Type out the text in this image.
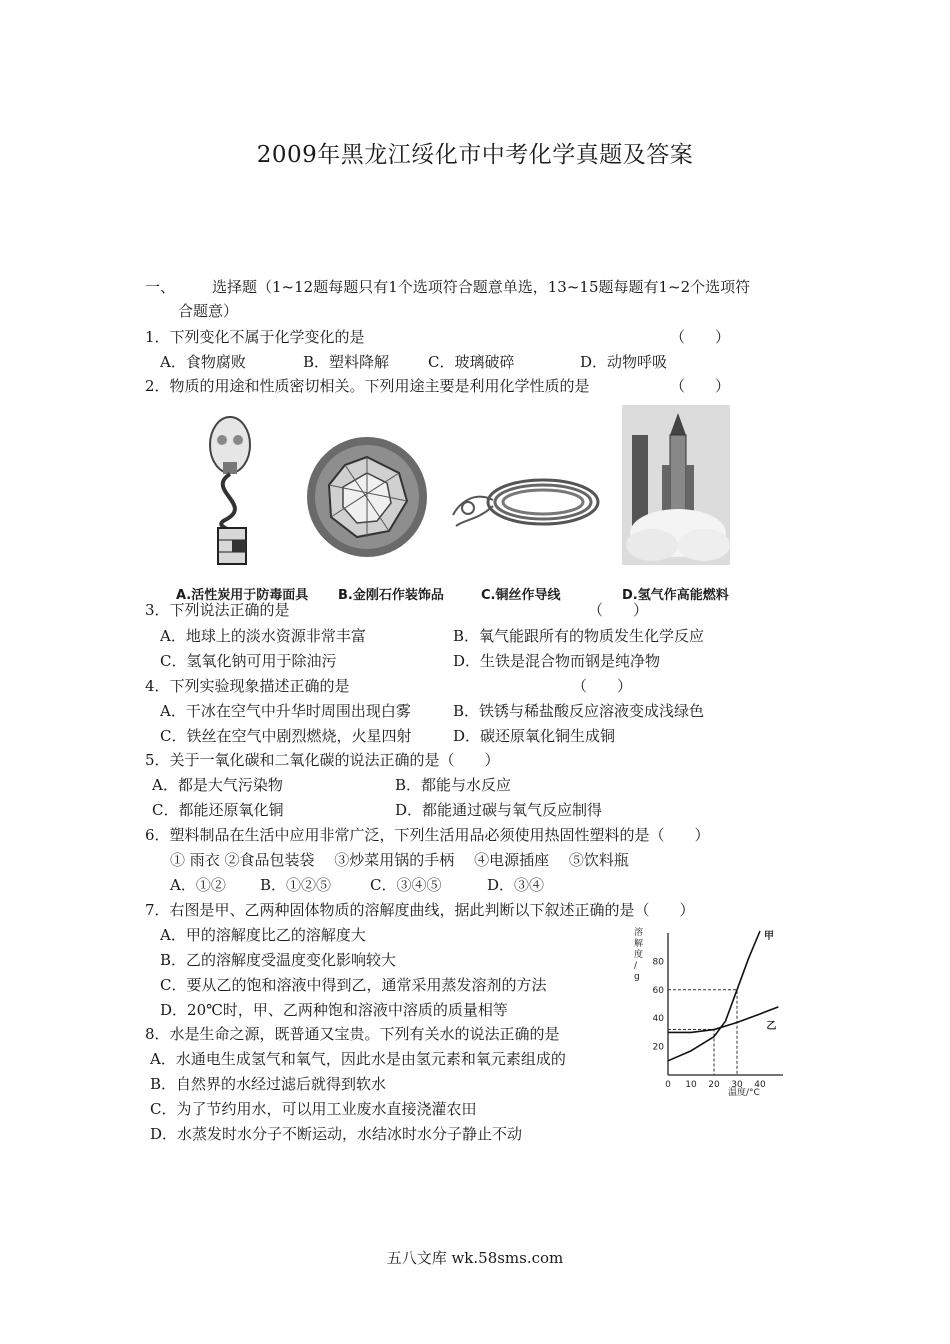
2009年黑龙江绥化市中考化学真题及答案
一、 选择题（1~12题每题只有1个选项符合题意单选，13~15题每题有1~2个选项符
合题意）
1．下列变化不属于化学变化的是	（　　）
A．食物腐败	B．塑料降解	C．玻璃破碎	D．动物呼吸
2．物质的用途和性质密切相关。下列用途主要是利用化学性质的是	（　　）
A.活性炭用于防毒面具 B.金刚石作装饰品	C.铜丝作导线	D.氢气作高能燃料
3．下列说法正确的是	（　　）
A．地球上的淡水资源非常丰富	B．氧气能跟所有的物质发生化学反应
C．氢氧化钠可用于除油污	D．生铁是混合物而钢是纯净物
4．下列实验现象描述正确的是	（　　）
A．干冰在空气中升华时周围出现白雾	B．铁锈与稀盐酸反应溶液变成浅绿色
C．铁丝在空气中剧烈燃烧，火星四射	D．碳还原氧化铜生成铜
5．关于一氧化碳和二氧化碳的说法正确的是（　　）
A．都是大气污染物	B．都能与水反应
C．都能还原氧化铜	D．都能通过碳与氧气反应制得
6．塑料制品在生活中应用非常广泛，下列生活用品必须使用热固性塑料的是（　　）
① 雨衣 ②食品包装袋　 ③炒菜用锅的手柄　 ④电源插座　 ⑤饮料瓶
A．①② B．①②⑤	C．③④⑤	D．③④
7．右图是甲、乙两种固体物质的溶解度曲线，据此判断以下叙述正确的是（　　）
A．甲的溶解度比乙的溶解度大
B．乙的溶解度受温度变化影响较大
C．要从乙的饱和溶液中得到乙，通常采用蒸发溶剂的方法
D．20℃时，甲、乙两种饱和溶液中溶质的质量相等
甲
乙
0 10 20 30 40
20
40
60
80
溶解度/ g
温度/°C
8．水是生命之源，既普通又宝贵。下列有关水的说法正确的是
A．水通电生成氢气和氧气，因此水是由氢元素和氧元素组成的
B．自然界的水经过滤后就得到软水
C．为了节约用水，可以用工业废水直接浇灌农田
D．水蒸发时水分子不断运动，水结冰时水分子静止不动
五八文库 wk.58sms.com
